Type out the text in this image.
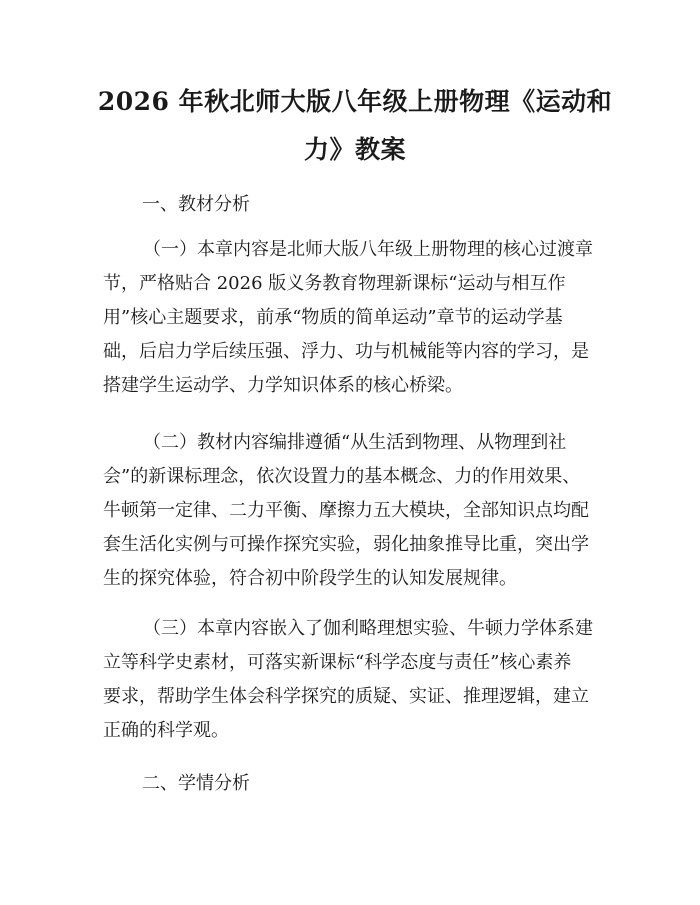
2026 年秋北师大版八年级上册物理《运动和
力》教案
一、教材分析
（一）本章内容是北师大版八年级上册物理的核心过渡章
节，严格贴合 2026 版义务教育物理新课标“运动与相互作
用”核心主题要求，前承“物质的简单运动”章节的运动学基
础，后启力学后续压强、浮力、功与机械能等内容的学习，是
搭建学生运动学、力学知识体系的核心桥梁。
（二）教材内容编排遵循“从生活到物理、从物理到社
会”的新课标理念，依次设置力的基本概念、力的作用效果、
牛顿第一定律、二力平衡、摩擦力五大模块，全部知识点均配
套生活化实例与可操作探究实验，弱化抽象推导比重，突出学
生的探究体验，符合初中阶段学生的认知发展规律。
（三）本章内容嵌入了伽利略理想实验、牛顿力学体系建
立等科学史素材，可落实新课标“科学态度与责任”核心素养
要求，帮助学生体会科学探究的质疑、实证、推理逻辑，建立
正确的科学观。
二、学情分析
